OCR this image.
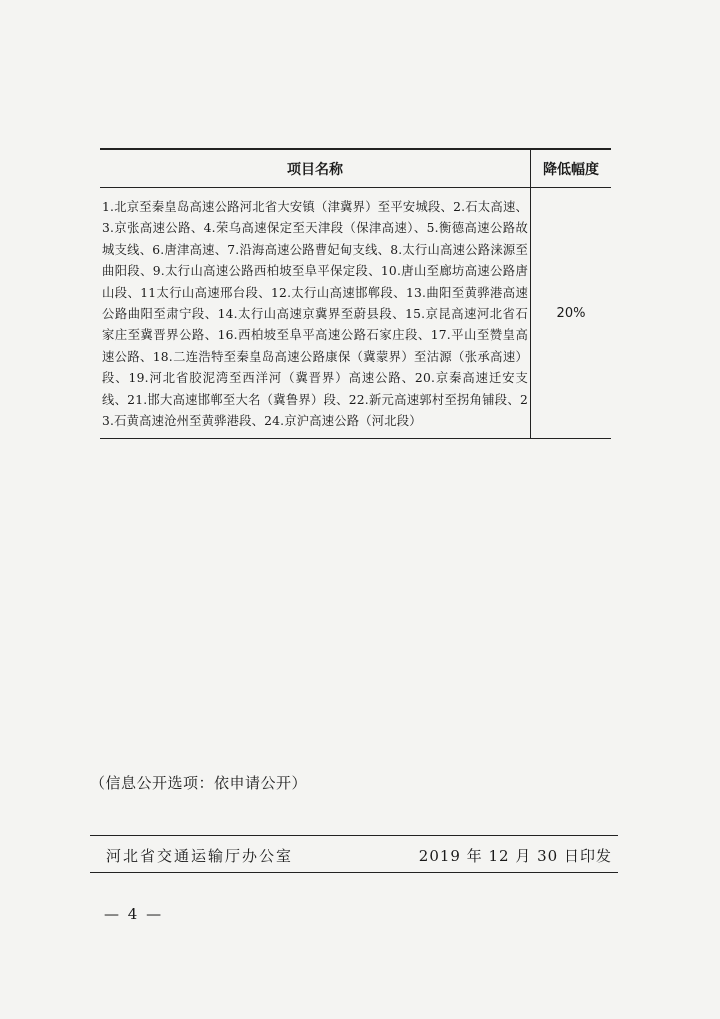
项目名称	降低幅度
1.北京至秦皇岛高速公路河北省大安镇（津冀界）至平安城段、2.石太高速、3.京张高速公路、4.荣乌高速保定至天津段（保津高速）、5.衡德高速公路故城支线、6.唐津高速、7.沿海高速公路曹妃甸支线、8.太行山高速公路涞源至曲阳段、9.太行山高速公路西柏坡至阜平保定段、10.唐山至廊坊高速公路唐山段、11太行山高速邢台段、12.太行山高速邯郸段、13.曲阳至黄骅港高速公路曲阳至肃宁段、14.太行山高速京冀界至蔚县段、15.京昆高速河北省石家庄至冀晋界公路、16.西柏坡至阜平高速公路石家庄段、17.平山至赞皇高速公路、18.二连浩特至秦皇岛高速公路康保（冀蒙界）至沽源（张承高速）段、19.河北省胶泥湾至西洋河（冀晋界）高速公路、20.京秦高速迁安支线、21.邯大高速邯郸至大名（冀鲁界）段、22.新元高速郭村至拐角铺段、23.石黄高速沧州至黄骅港段、24.京沪高速公路（河北段）	20%
（信息公开选项：依申请公开）
河北省交通运输厅办公室	2019 年 12 月 30 日印发
— 4 —
